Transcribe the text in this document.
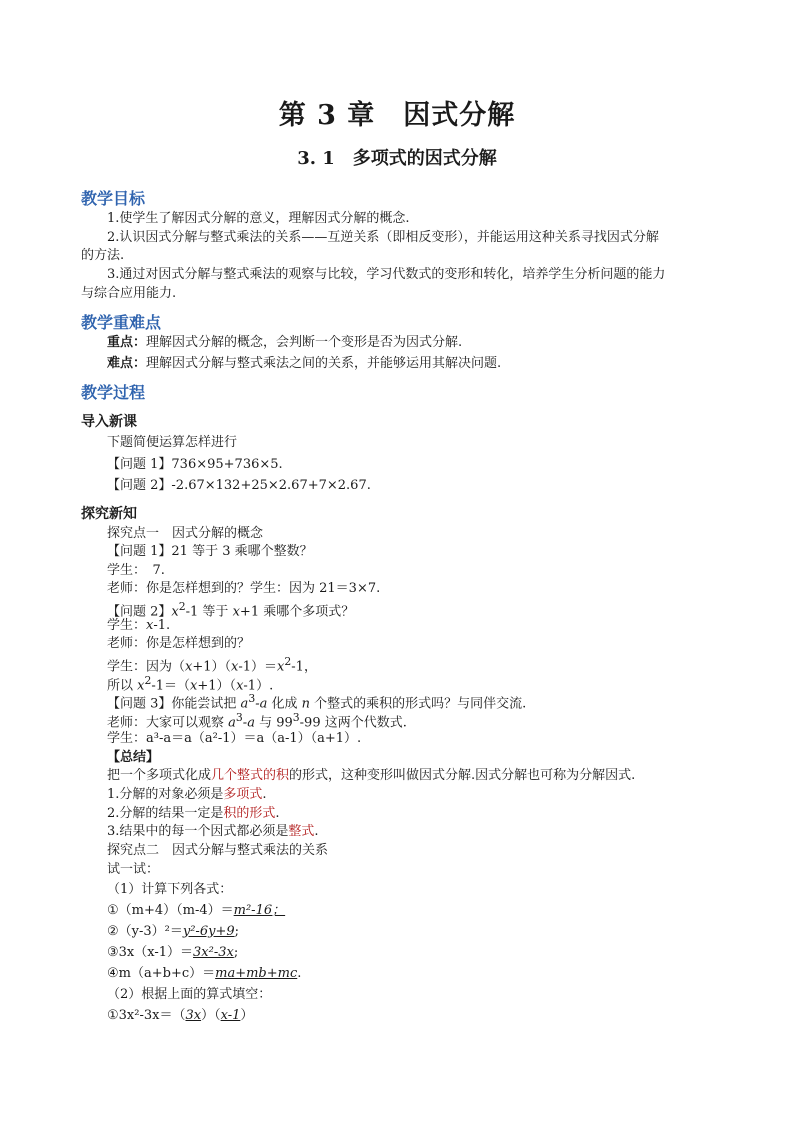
第 3 章　因式分解
3. 1　多项式的因式分解
教学目标
1.使学生了解因式分解的意义，理解因式分解的概念.
2.认识因式分解与整式乘法的关系——互逆关系（即相反变形），并能运用这种关系寻找因式分解
的方法.
3.通过对因式分解与整式乘法的观察与比较，学习代数式的变形和转化，培养学生分析问题的能力
与综合应用能力.
教学重难点
重点：理解因式分解的概念，会判断一个变形是否为因式分解.
难点：理解因式分解与整式乘法之间的关系，并能够运用其解决问题.
教学过程
导入新课
下题简便运算怎样进行
【问题 1】736×95+736×5.
【问题 2】-2.67×132+25×2.67+7×2.67.
探究新知
探究点一　因式分解的概念
【问题 1】21 等于 3 乘哪个整数？
学生：　7.
老师：你是怎样想到的？学生：因为 21＝3×7.
【问题 2】$x^2-1$ 等于 x+1 乘哪个多项式？
学生：x-1.
老师：你是怎样想到的？
学生：因为$(x+1)(x-1)=x^2-1$，
所以 $x^2-1=(x+1)(x-1)$.
【问题 3】你能尝试把 $a^3-a$ 化成 n 个整式的乘积的形式吗？与同伴交流.
老师：大家可以观察 $a^3-a$ 与 $99^3-99$ 这两个代数式.
学生：a³-a＝a（a²-1）＝a（a-1）（a+1）.
【总结】
把一个多项式化成几个整式的积的形式，这种变形叫做因式分解.因式分解也可称为分解因式.
1.分解的对象必须是多项式.
2.分解的结果一定是积的形式.
3.结果中的每一个因式都必须是整式.
探究点二　因式分解与整式乘法的关系
试一试：
（1）计算下列各式：
①（m+4）（m-4）＝m²-16；
②（y-3）²＝y²-6y+9;
③3x（x-1）＝3x²-3x;
④m（a+b+c）＝ma+mb+mc.
（2）根据上面的算式填空：
①3x²-3x＝（3x）（x-1）
